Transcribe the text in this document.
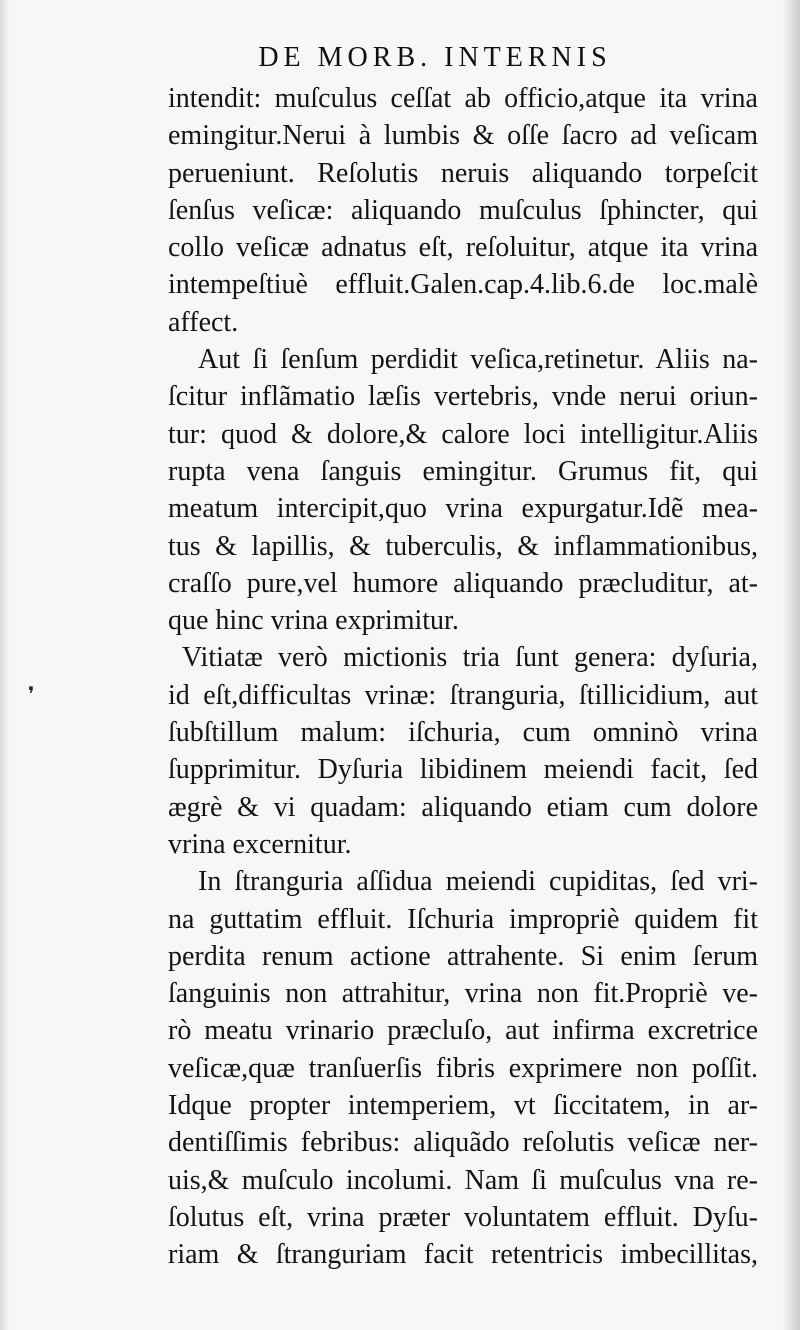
DE MORB. INTERNIS
intendit: muſculus ceſſat ab officio,atque ita vrina
emingitur.Nerui à lumbis & oſſe ſacro ad veſicam
perueniunt. Reſolutis neruis aliquando torpeſcit
ſenſus veſicæ: aliquando muſculus ſphincter, qui
collo veſicæ adnatus eſt, reſoluitur, atque ita vrina
intempeſtiuè effluit.Galen.cap.4.lib.6.de loc.malè
affect.
Aut ſi ſenſum perdidit veſica,retinetur. Aliis na-
ſcitur inflãmatio læſis vertebris, vnde nerui oriun-
tur: quod & dolore,& calore loci intelligitur.Aliis
rupta vena ſanguis emingitur. Grumus fit, qui
meatum intercipit,quo vrina expurgatur.Idẽ mea-
tus & lapillis, & tuberculis, & inflammationibus,
craſſo pure,vel humore aliquando præcluditur, at-
que hinc vrina exprimitur.
Vitiatæ verò mictionis tria ſunt genera: dyſuria,
id eſt,difficultas vrinæ: ſtranguria, ſtillicidium, aut
ſubſtillum malum: iſchuria, cum omninò vrina
ſupprimitur. Dyſuria libidinem meiendi facit, ſed
ægrè & vi quadam: aliquando etiam cum dolore
vrina excernitur.
In ſtranguria aſſidua meiendi cupiditas, ſed vri-
na guttatim effluit. Iſchuria impropriè quidem fit
perdita renum actione attrahente. Si enim ſerum
ſanguinis non attrahitur, vrina non fit.Propriè ve-
rò meatu vrinario præcluſo, aut infirma excretrice
veſicæ,quæ tranſuerſis fibris exprimere non poſſit.
Idque propter intemperiem, vt ſiccitatem, in ar-
dentiſſimis febribus: aliquãdo reſolutis veſicæ ner-
uis,& muſculo incolumi. Nam ſi muſculus vna re-
ſolutus eſt, vrina præter voluntatem effluit. Dyſu-
riam & ſtranguriam facit retentricis imbecillitas,
❜
